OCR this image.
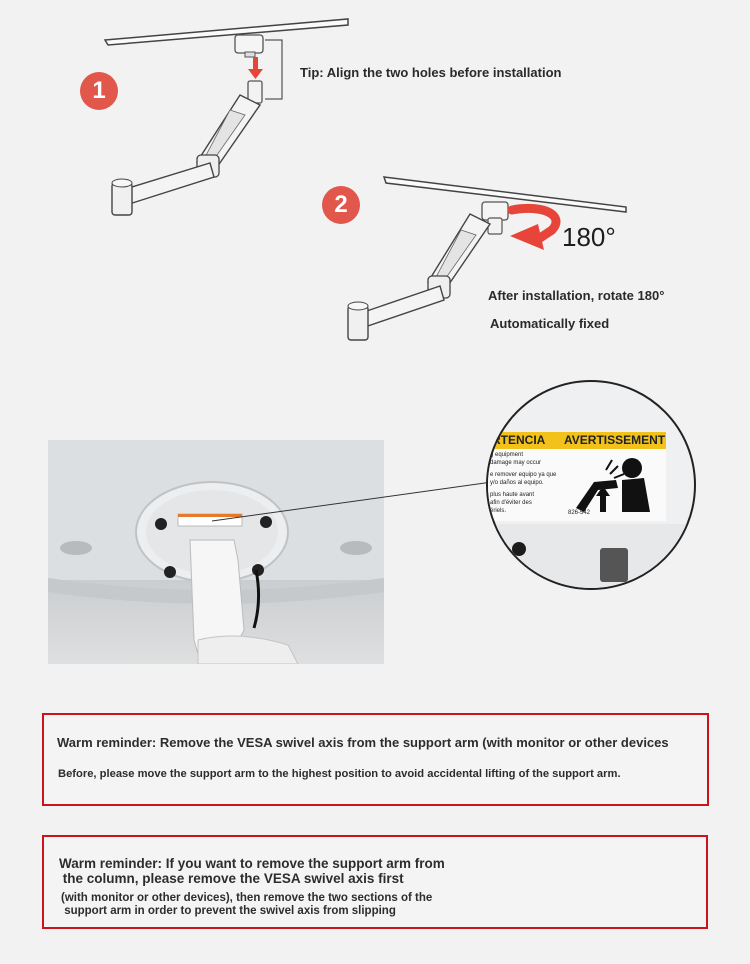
1
Tip: Align the two holes before installation
2
180°
After installation, rotate 180°
Automatically fixed
RTENCIA AVERTISSEMENT
g equipment
damage may occur
e remover equipo ya que
y/o daños al equipo.
plus haute avant
afin d'éviter des
ériels.	826-542
Warm reminder: Remove the VESA swivel axis from the support arm (with monitor or other devices
Before, please move the support arm to the highest position to avoid accidental lifting of the support arm.
Warm reminder: If you want to remove the support arm from
the column, please remove the VESA swivel axis first
(with monitor or other devices), then remove the two sections of the
support arm in order to prevent the swivel axis from slipping
